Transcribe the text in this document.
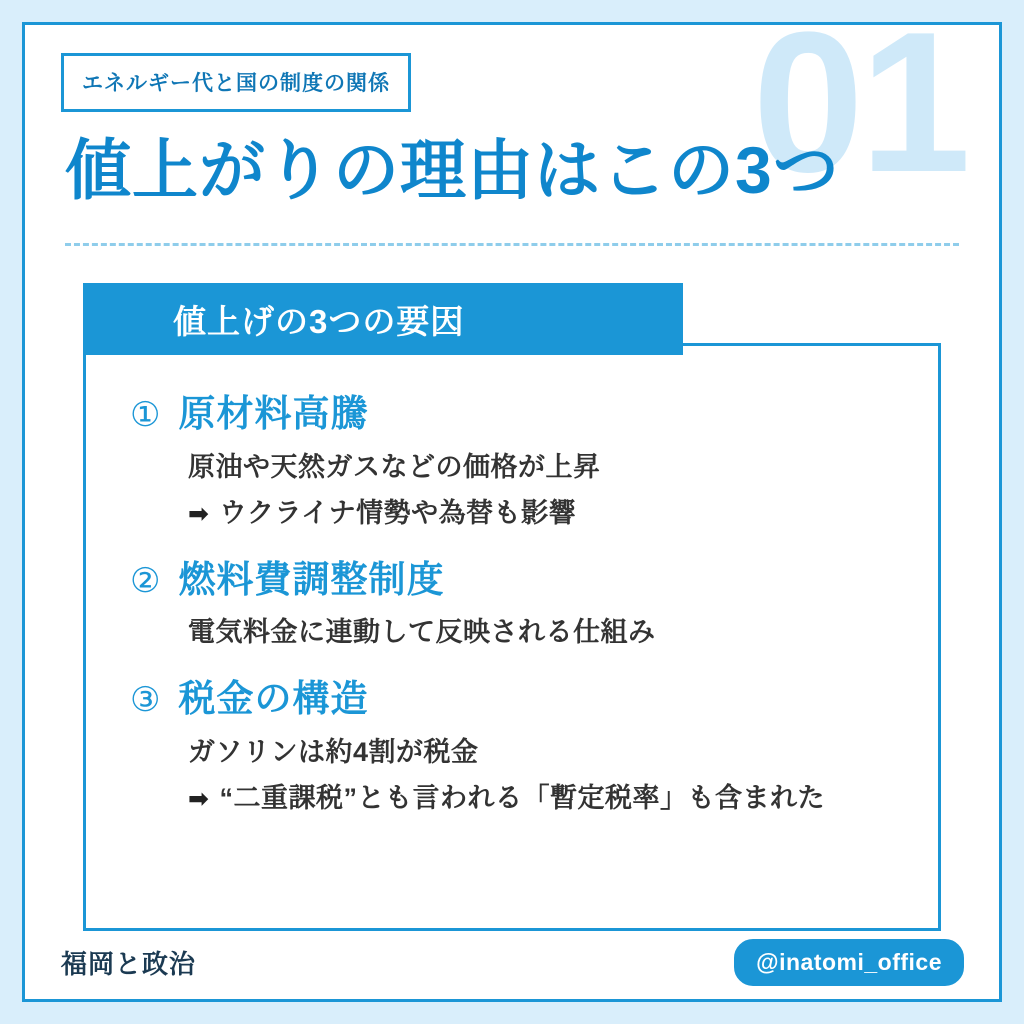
01
エネルギー代と国の制度の関係
値上がりの理由はこの3つ
値上げの3つの要因
① 原材料高騰
原油や天然ガスなどの価格が上昇
➡ ウクライナ情勢や為替も影響
② 燃料費調整制度
電気料金に連動して反映される仕組み
③ 税金の構造
ガソリンは約4割が税金
➡ “二重課税”とも言われる「暫定税率」も含まれた
福岡と政治	@inatomi_office
